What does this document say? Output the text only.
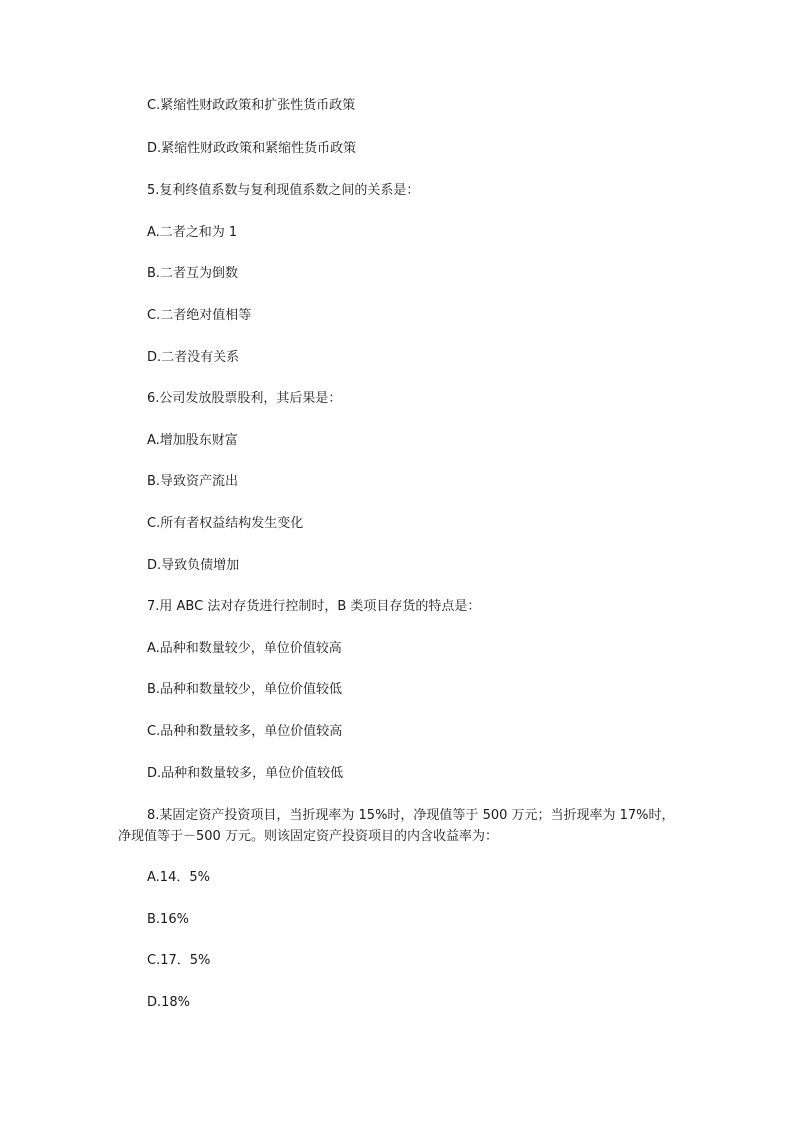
C.紧缩性财政政策和扩张性货币政策
D.紧缩性财政政策和紧缩性货币政策
5.复利终值系数与复利现值系数之间的关系是：
A.二者之和为 1
B.二者互为倒数
C.二者绝对值相等
D.二者没有关系
6.公司发放股票股利，其后果是：
A.增加股东财富
B.导致资产流出
C.所有者权益结构发生变化
D.导致负债增加
7.用 ABC 法对存货进行控制时，B 类项目存货的特点是：
A.品种和数量较少，单位价值较高
B.品种和数量较少，单位价值较低
C.品种和数量较多，单位价值较高
D.品种和数量较多，单位价值较低
8.某固定资产投资项目，当折现率为 15%时，净现值等于 500 万元；当折现率为 17%时，净现值等于－500 万元。则该固定资产投资项目的内含收益率为：
A.14．5%
B.16%
C.17．5%
D.18%
